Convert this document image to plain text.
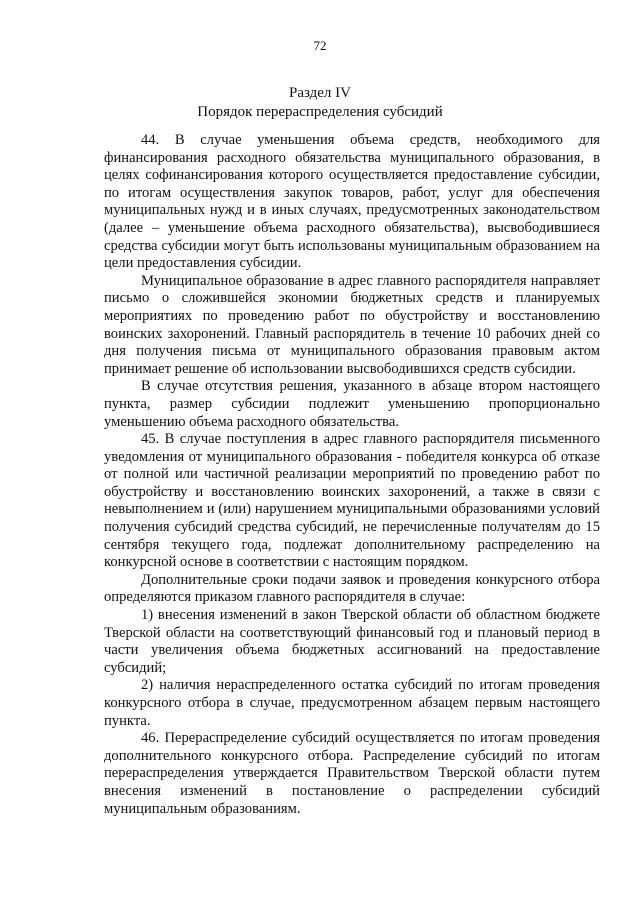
72
Раздел IV
Порядок перераспределения субсидий

44. В случае уменьшения объема средств, необходимого для финансирования расходного обязательства муниципального образования, в целях софинансирования которого осуществляется предоставление субсидии, по итогам осуществления закупок товаров, работ, услуг для обеспечения муниципальных нужд и в иных случаях, предусмотренных законодательством (далее – уменьшение объема расходного обязательства), высвободившиеся средства субсидии могут быть использованы муниципальным образованием на цели предоставления субсидии.

Муниципальное образование в адрес главного распорядителя направляет письмо о сложившейся экономии бюджетных средств и планируемых мероприятиях по проведению работ по обустройству и восстановлению воинских захоронений. Главный распорядитель в течение 10 рабочих дней со дня получения письма от муниципального образования правовым актом принимает решение об использовании высвободившихся средств субсидии.

В случае отсутствия решения, указанного в абзаце втором настоящего пункта, размер субсидии подлежит уменьшению пропорционально уменьшению объема расходного обязательства.

45. В случае поступления в адрес главного распорядителя письменного уведомления от муниципального образования - победителя конкурса об отказе от полной или частичной реализации мероприятий по проведению работ по обустройству и восстановлению воинских захоронений, а также в связи с невыполнением и (или) нарушением муниципальными образованиями условий получения субсидий средства субсидий, не перечисленные получателям до 15 сентября текущего года, подлежат дополнительному распределению на конкурсной основе в соответствии с настоящим порядком.

Дополнительные сроки подачи заявок и проведения конкурсного отбора определяются приказом главного распорядителя в случае:

1) внесения изменений в закон Тверской области об областном бюджете Тверской области на соответствующий финансовый год и плановый период в части увеличения объема бюджетных ассигнований на предоставление субсидий;

2) наличия нераспределенного остатка субсидий по итогам проведения конкурсного отбора в случае, предусмотренном абзацем первым настоящего пункта.

46. Перераспределение субсидий осуществляется по итогам проведения дополнительного конкурсного отбора. Распределение субсидий по итогам перераспределения утверждается Правительством Тверской области путем внесения изменений в постановление о распределении субсидий муниципальным образованиям.
